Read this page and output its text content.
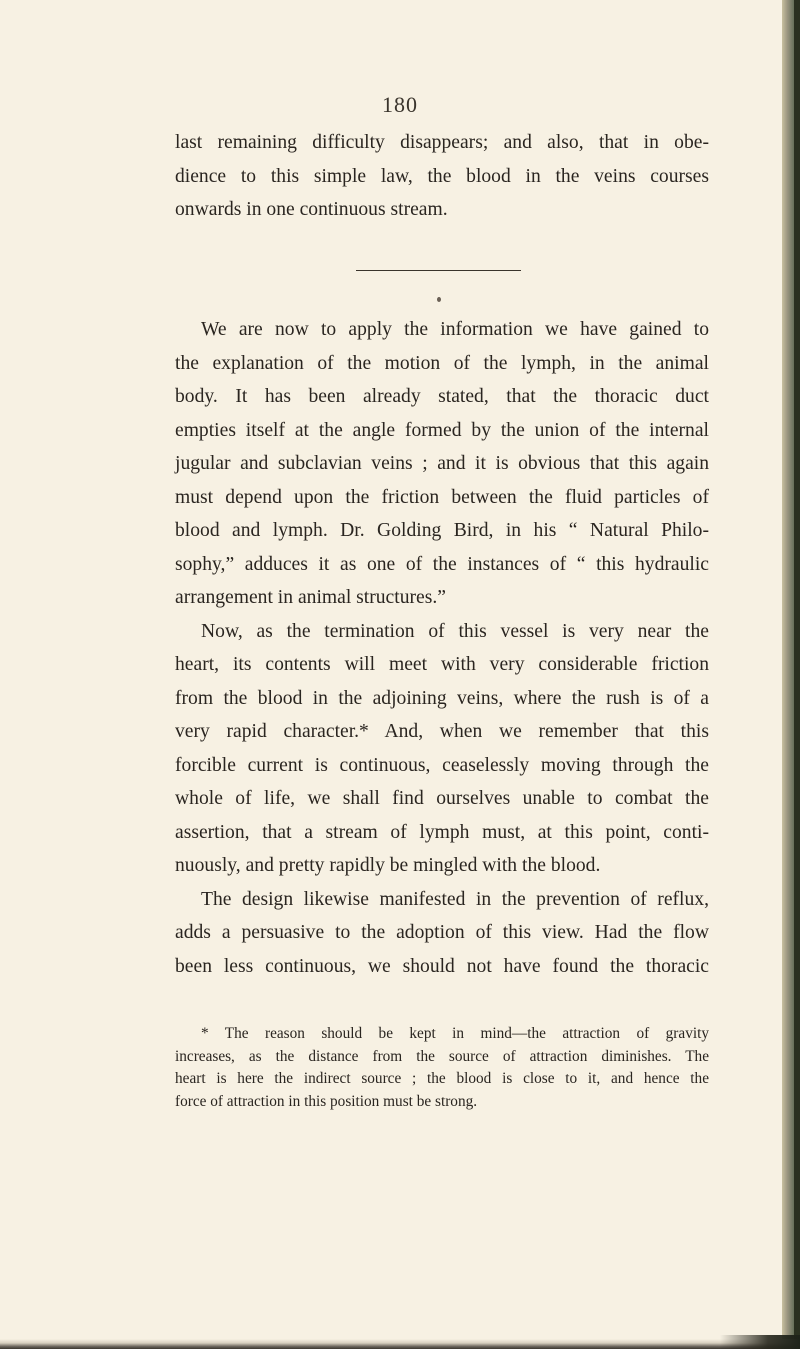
180
last remaining difficulty disappears; and also, that in obe-
dience to this simple law, the blood in the veins courses
onwards in one continuous stream.
We are now to apply the information we have gained to
the explanation of the motion of the lymph, in the animal
body. It has been already stated, that the thoracic duct
empties itself at the angle formed by the union of the internal
jugular and subclavian veins ; and it is obvious that this again
must depend upon the friction between the fluid particles of
blood and lymph. Dr. Golding Bird, in his “ Natural Philo-
sophy,” adduces it as one of the instances of “ this hydraulic
arrangement in animal structures.”
Now, as the termination of this vessel is very near the
heart, its contents will meet with very considerable friction
from the blood in the adjoining veins, where the rush is of a
very rapid character.* And, when we remember that this
forcible current is continuous, ceaselessly moving through the
whole of life, we shall find ourselves unable to combat the
assertion, that a stream of lymph must, at this point, conti-
nuously, and pretty rapidly be mingled with the blood.
The design likewise manifested in the prevention of reflux,
adds a persuasive to the adoption of this view. Had the flow
been less continuous, we should not have found the thoracic
* The reason should be kept in mind—the attraction of gravity
increases, as the distance from the source of attraction diminishes. The
heart is here the indirect source ; the blood is close to it, and hence the
force of attraction in this position must be strong.
